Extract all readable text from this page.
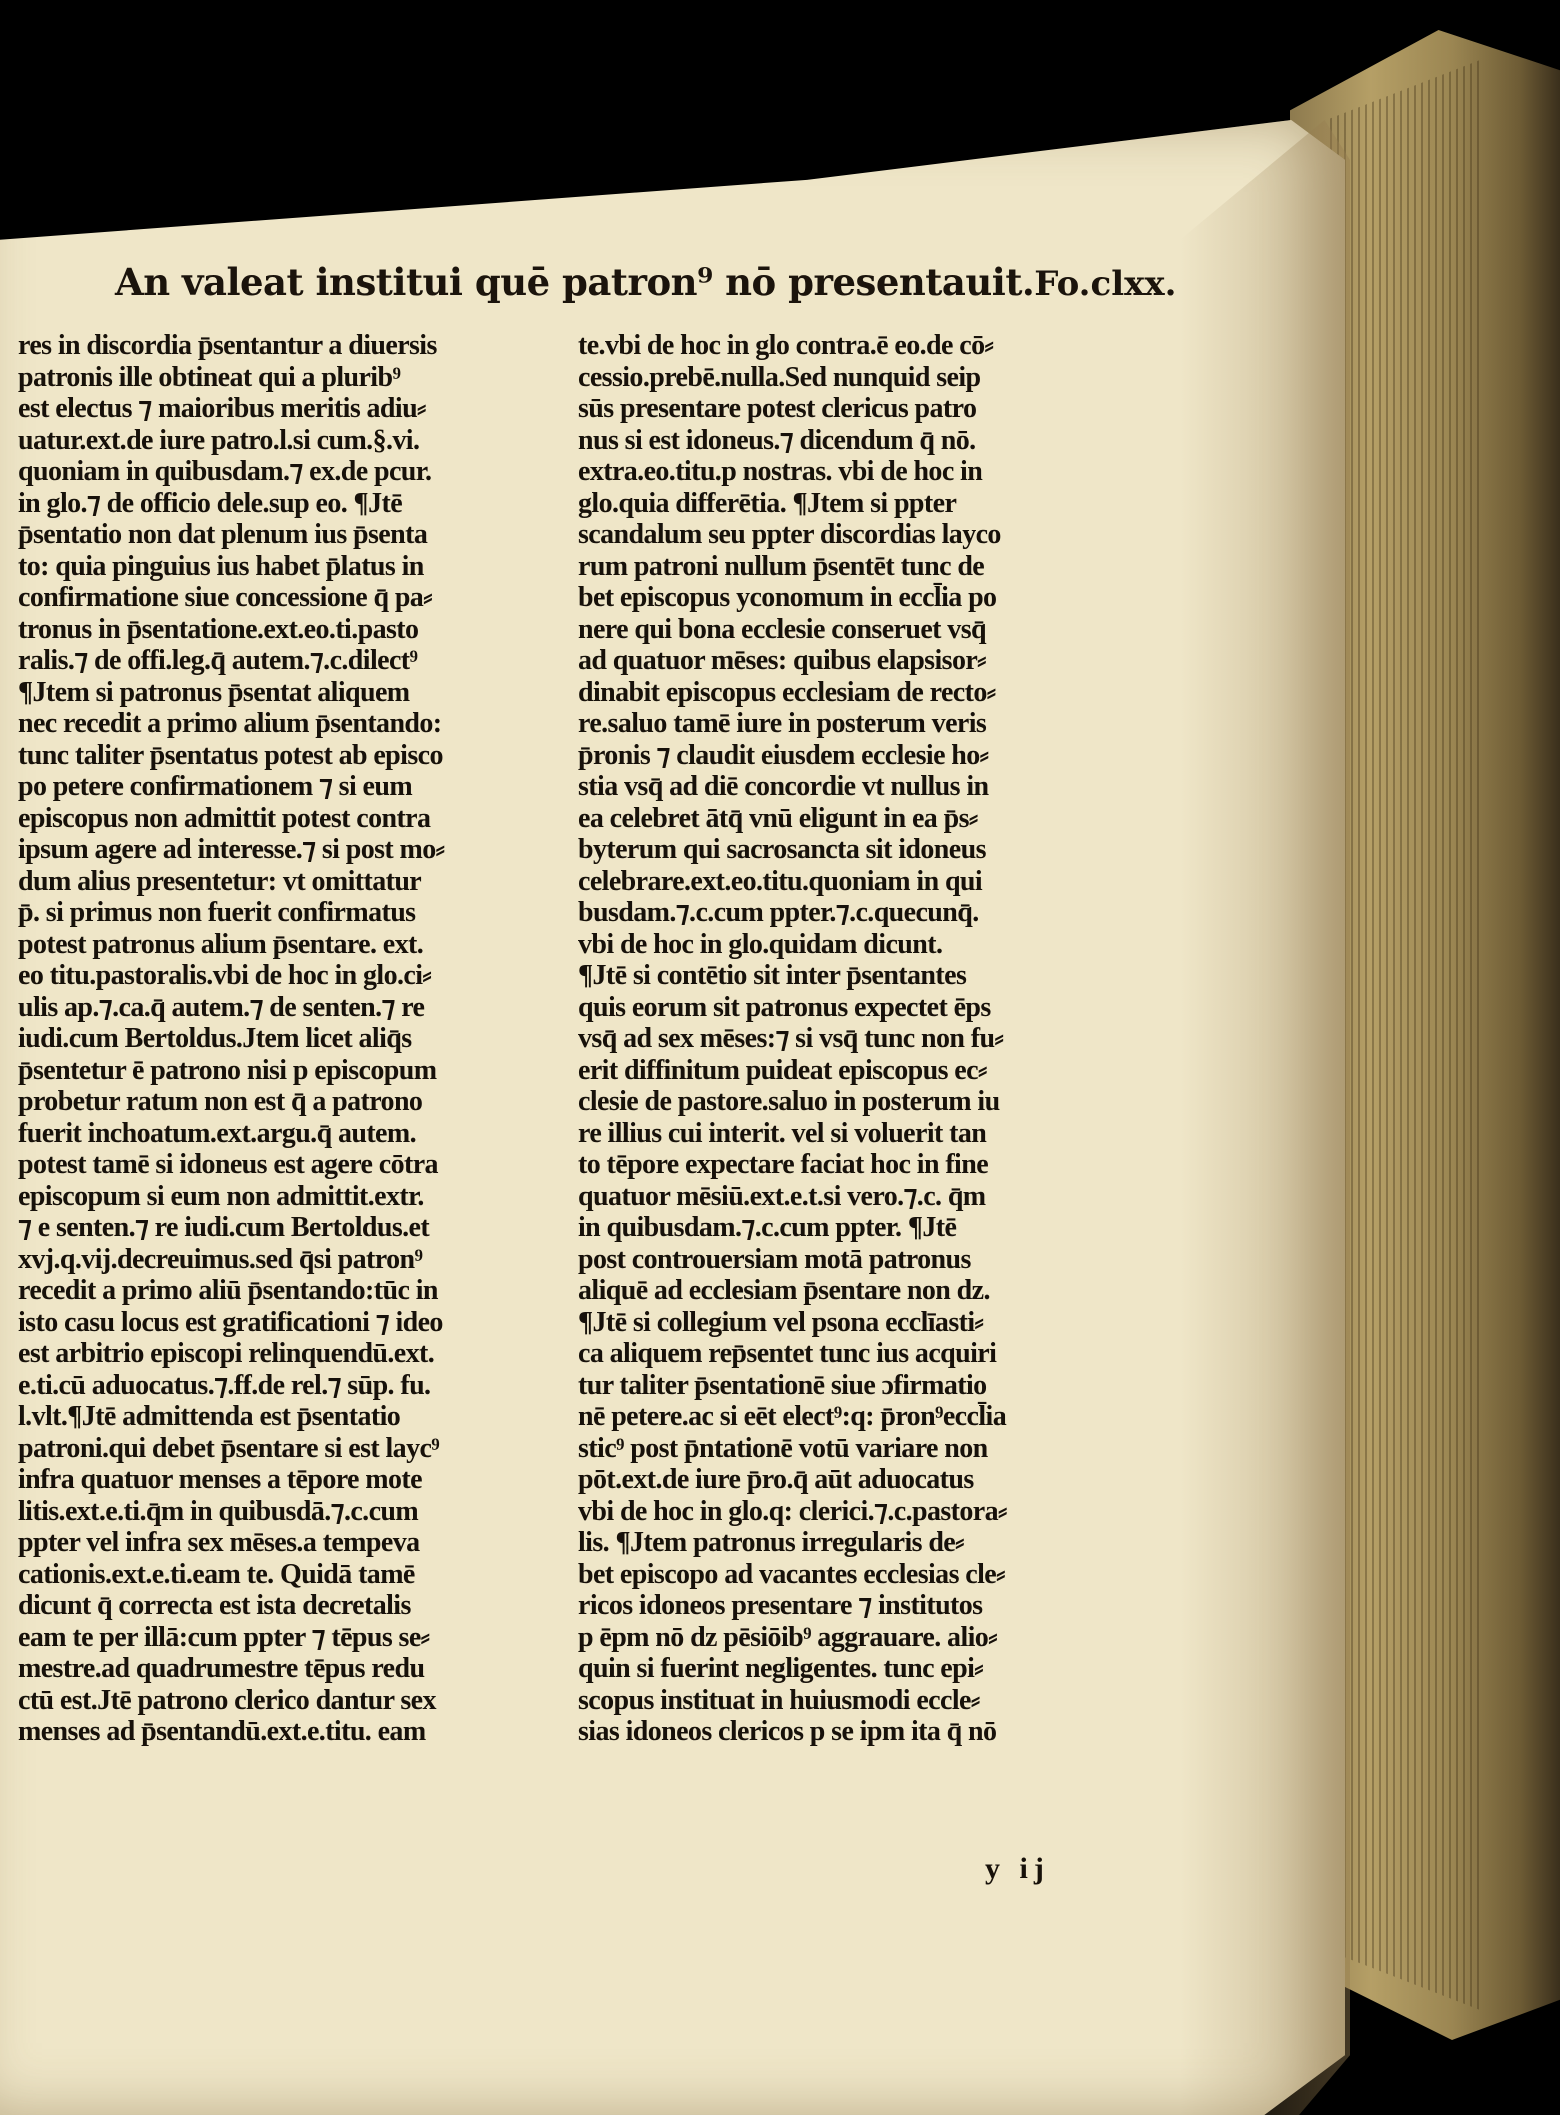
An valeat institui quē patron⁹ nō presentauit. Fo.clxx.
res in discordia p̄sentantur a diuersis
patronis ille obtineat qui a plurib⁹
est electus ⁊ maioribus meritis adiu⸗
uatur.ext.de iure patro.l.si cum.§.vi.
quoniam in quibusdam.⁊ ex.de pcur.
in glo.⁊ de officio dele.sup eo. ¶Jtē
p̄sentatio non dat plenum ius p̄senta
to: quia pinguius ius habet p̄latus in
confirmatione siue concessione q̄ pa⸗
tronus in p̄sentatione.ext.eo.ti.pasto
ralis.⁊ de offi.leg.q̄ autem.⁊.c.dilect⁹
¶Jtem si patronus p̄sentat aliquem
nec recedit a primo alium p̄sentando:
tunc taliter p̄sentatus potest ab episco
po petere confirmationem ⁊ si eum
episcopus non admittit potest contra
ipsum agere ad interesse.⁊ si post mo⸗
dum alius presentetur: vt omittatur
p̄. si primus non fuerit confirmatus
potest patronus alium p̄sentare. ext.
eo titu.pastoralis.vbi de hoc in glo.ci⸗
ulis ap.⁊.ca.q̄ autem.⁊ de senten.⁊ re
iudi.cum Bertoldus.Jtem licet aliq̄s
p̄sentetur ē patrono nisi p episcopum
probetur ratum non est q̄ a patrono
fuerit inchoatum.ext.argu.q̄ autem.
potest tamē si idoneus est agere cōtra
episcopum si eum non admittit.extr.
⁊ e senten.⁊ re iudi.cum Bertoldus.et
xvj.q.vij.decreuimus.sed q̄si patron⁹
recedit a primo aliū p̄sentando:tūc in
isto casu locus est gratificationi ⁊ ideo
est arbitrio episcopi relinquendū.ext.
e.ti.cū aduocatus.⁊.ff.de rel.⁊ sūp. fu.
l.vlt.¶Jtē admittenda est p̄sentatio
patroni.qui debet p̄sentare si est layc⁹
infra quatuor menses a tēpore mote
litis.ext.e.ti.q̄m in quibusdā.⁊.c.cum
ppter vel infra sex mēses.a tempeva
cationis.ext.e.ti.eam te. Quidā tamē
dicunt q̄ correcta est ista decretalis
eam te per illā:cum ppter ⁊ tēpus se⸗
mestre.ad quadrumestre tēpus redu
ctū est.Jtē patrono clerico dantur sex
menses ad p̄sentandū.ext.e.titu. eam
te.vbi de hoc in glo contra.ē eo.de cō⸗
cessio.prebē.nulla.Sed nunquid seip
sūs presentare potest clericus patro
nus si est idoneus.⁊ dicendum q̄ nō.
extra.eo.titu.p nostras. vbi de hoc in
glo.quia differētia. ¶Jtem si ppter
scandalum seu ppter discordias layco
rum patroni nullum p̄sentēt tunc de
bet episcopus yconomum in eccl̄ia po
nere qui bona ecclesie conseruet vsq̄
ad quatuor mēses: quibus elapsisor⸗
dinabit episcopus ecclesiam de recto⸗
re.saluo tamē iure in posterum veris
p̄ronis ⁊ claudit eiusdem ecclesie ho⸗
stia vsq̄ ad diē concordie vt nullus in
ea celebret ātq̄ vnū eligunt in ea p̄s⸗
byterum qui sacrosancta sit idoneus
celebrare.ext.eo.titu.quoniam in qui
busdam.⁊.c.cum ppter.⁊.c.quecunq̄.
vbi de hoc in glo.quidam dicunt.
¶Jtē si contētio sit inter p̄sentantes
quis eorum sit patronus expectet ēps
vsq̄ ad sex mēses:⁊ si vsq̄ tunc non fu⸗
erit diffinitum puideat episcopus ec⸗
clesie de pastore.saluo in posterum iu
re illius cui interit. vel si voluerit tan
to tēpore expectare faciat hoc in fine
quatuor mēsiū.ext.e.t.si vero.⁊.c. q̄m
in quibusdam.⁊.c.cum ppter. ¶Jtē
post controuersiam motā patronus
aliquē ad ecclesiam p̄sentare non dz.
¶Jtē si collegium vel psona ecclīasti⸗
ca aliquem rep̄sentet tunc ius acquiri
tur taliter p̄sentationē siue ɔfirmatio
nē petere.ac si eēt elect⁹:q: p̄ron⁹eccl̄ia
stic⁹ post p̄ntationē votū variare non
pōt.ext.de iure p̄ro.q̄ aūt aduocatus
vbi de hoc in glo.q: clerici.⁊.c.pastora⸗
lis. ¶Jtem patronus irregularis de⸗
bet episcopo ad vacantes ecclesias cle⸗
ricos idoneos presentare ⁊ institutos
p ēpm nō dz pēsiōib⁹ aggrauare. alio⸗
quin si fuerint negligentes. tunc epi⸗
scopus instituat in huiusmodi eccle⸗
sias idoneos clericos p se ipm ita q̄ nō
y ij
